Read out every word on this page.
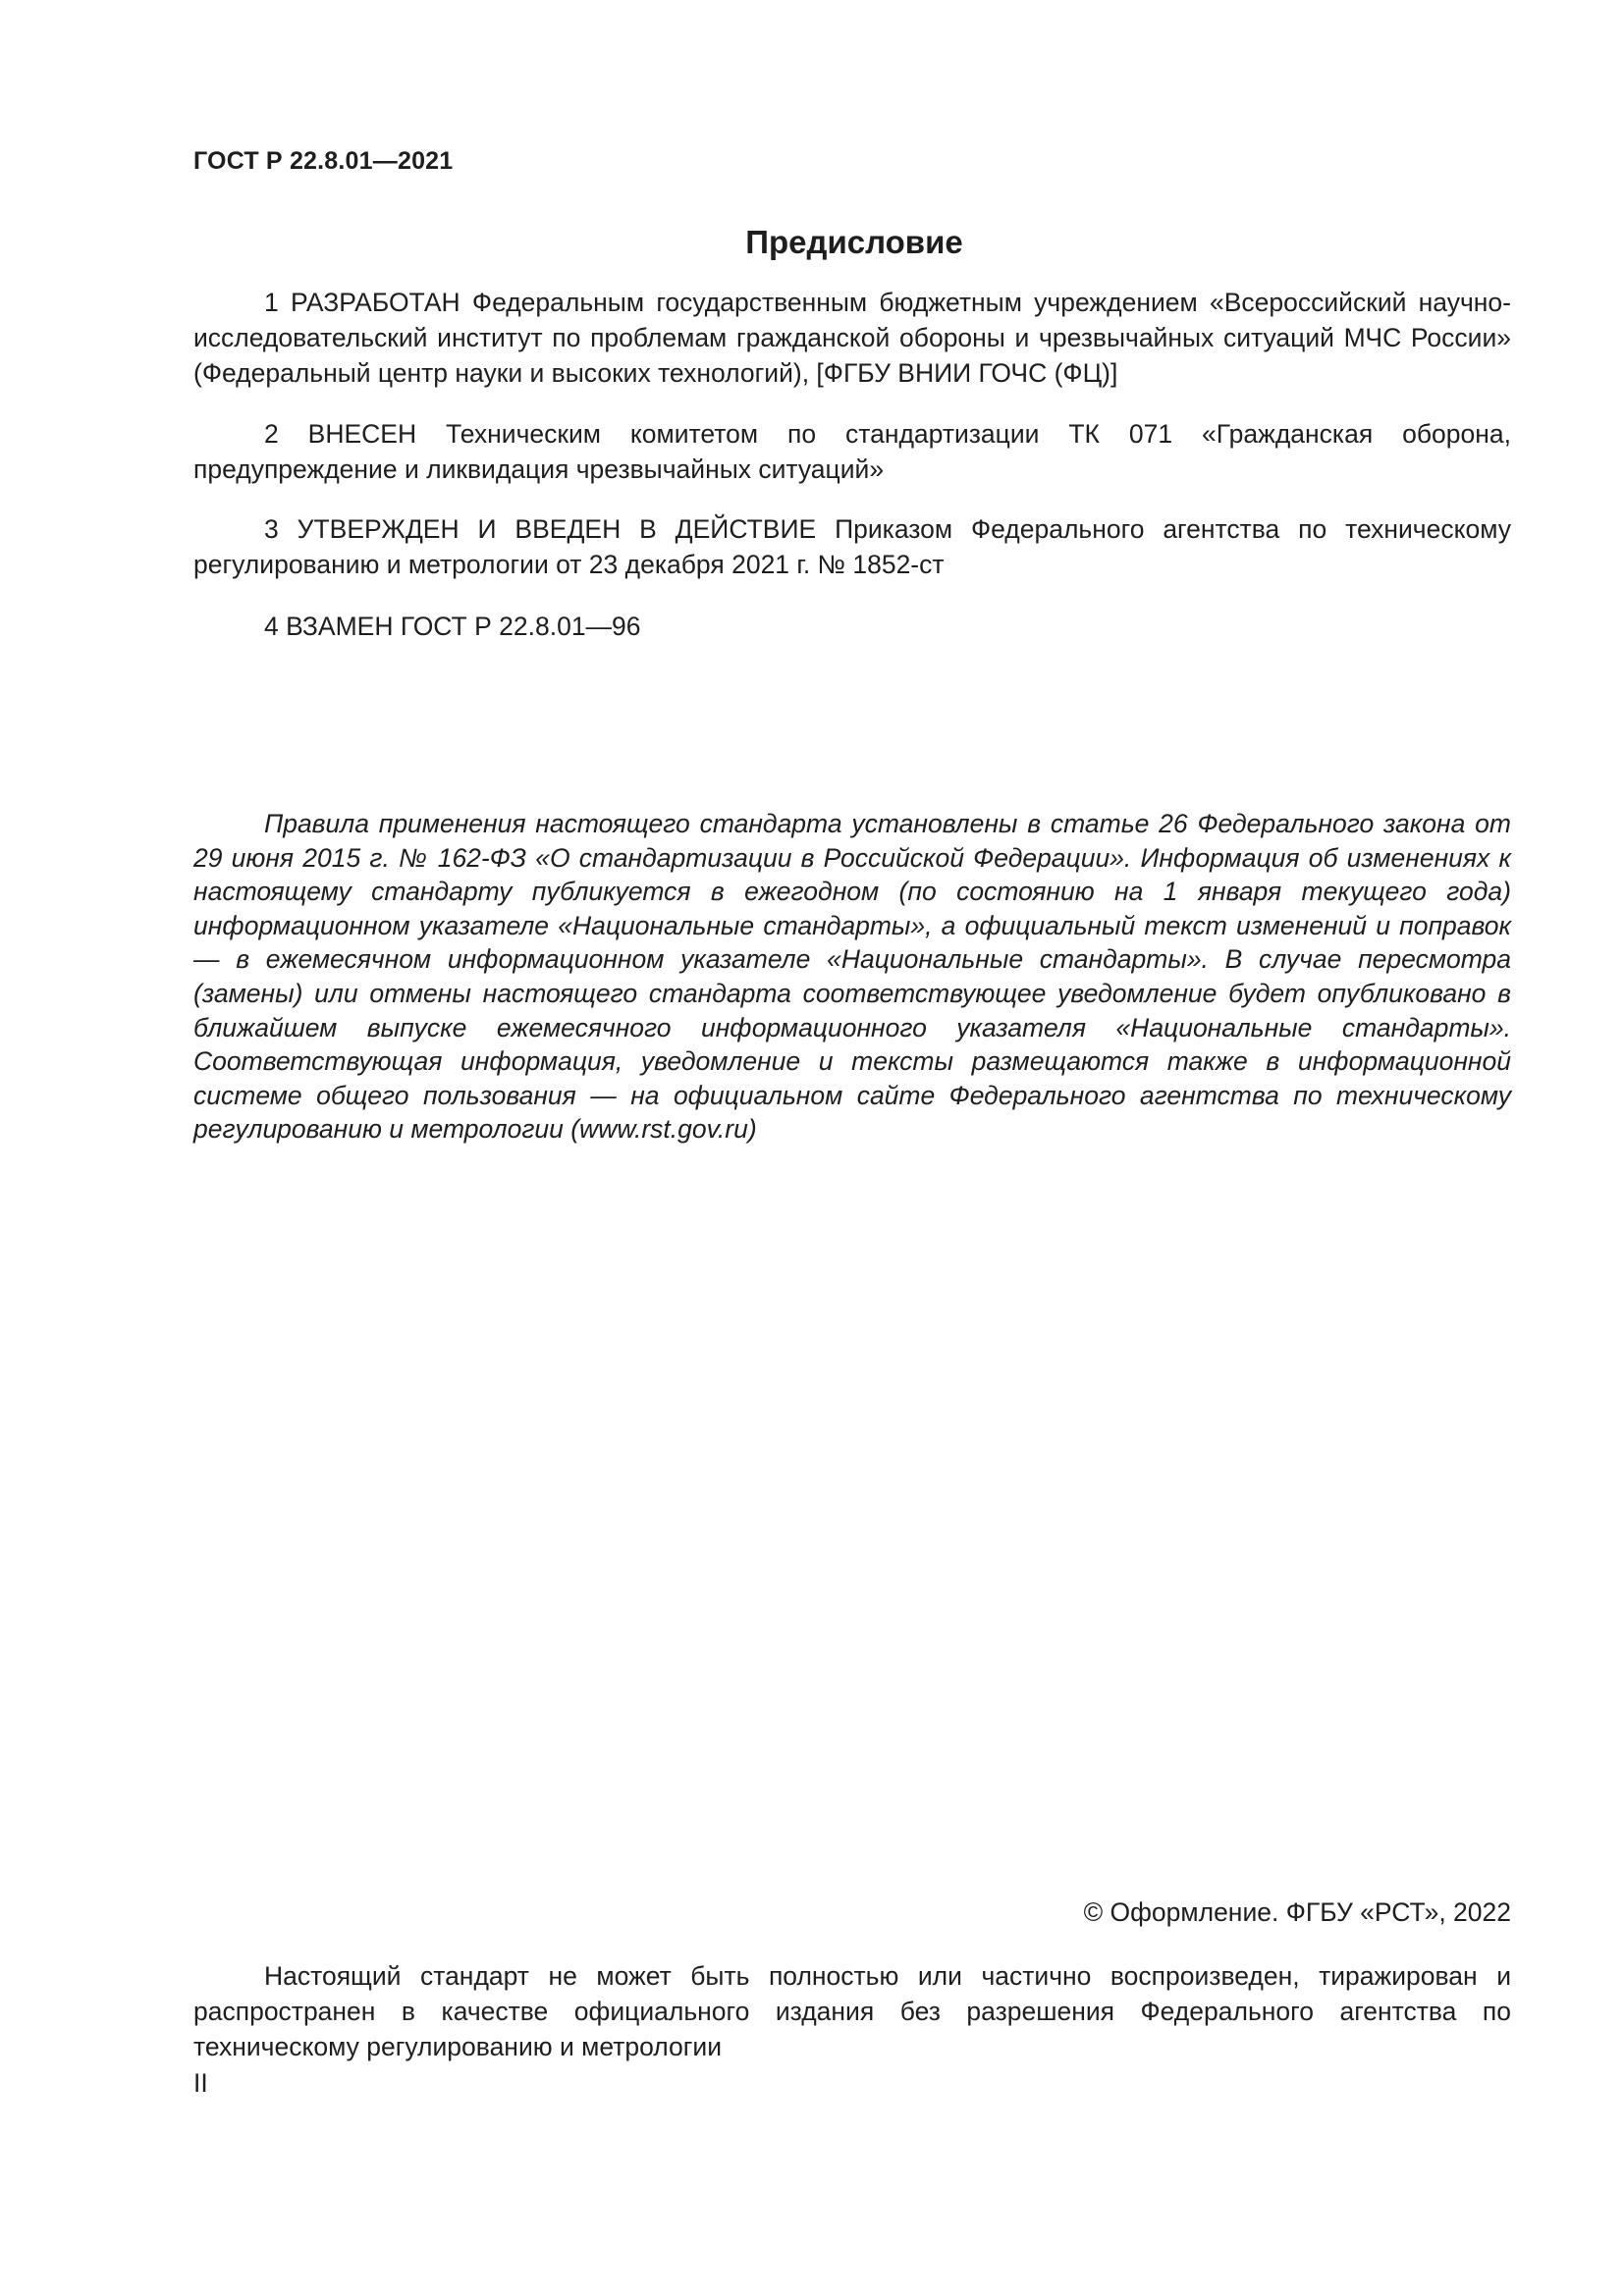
ГОСТ Р 22.8.01—2021
Предисловие

1 РАЗРАБОТАН Федеральным государственным бюджетным учреждением «Всероссийский научно-исследовательский институт по проблемам гражданской обороны и чрезвычайных ситуаций МЧС России» (Федеральный центр науки и высоких технологий), [ФГБУ ВНИИ ГОЧС (ФЦ)]

2 ВНЕСЕН Техническим комитетом по стандартизации ТК 071 «Гражданская оборона, предупреждение и ликвидация чрезвычайных ситуаций»

3 УТВЕРЖДЕН И ВВЕДЕН В ДЕЙСТВИЕ Приказом Федерального агентства по техническому регулированию и метрологии от 23 декабря 2021 г. № 1852-ст

4 ВЗАМЕН ГОСТ Р 22.8.01—96

Правила применения настоящего стандарта установлены в статье 26 Федерального закона от 29 июня 2015 г. № 162-ФЗ «О стандартизации в Российской Федерации». Информация об изменениях к настоящему стандарту публикуется в ежегодном (по состоянию на 1 января текущего года) информационном указателе «Национальные стандарты», а официальный текст изменений и поправок — в ежемесячном информационном указателе «Национальные стандарты». В случае пересмотра (замены) или отмены настоящего стандарта соответствующее уведомление будет опубликовано в ближайшем выпуске ежемесячного информационного указателя «Национальные стандарты». Соответствующая информация, уведомление и тексты размещаются также в информационной системе общего пользования — на официальном сайте Федерального агентства по техническому регулированию и метрологии (www.rst.gov.ru)

© Оформление. ФГБУ «РСТ», 2022

Настоящий стандарт не может быть полностью или частично воспроизведен, тиражирован и распространен в качестве официального издания без разрешения Федерального агентства по техническому регулированию и метрологии

II
